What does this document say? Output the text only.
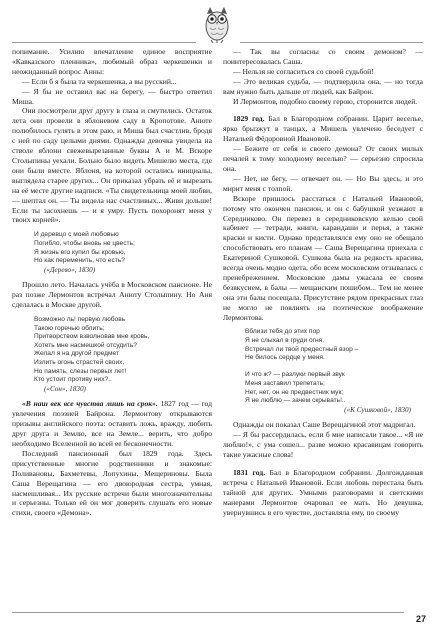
попимание. Усилию впечатление единое восприятие «Кавказского пленника», любимый образ черкешенки и неожиданный вопрос Анны:

— Если б я была та черкешенка, а вы русский...

— Я бы не оставил вас на берегу, — быстро ответил Миша.

Они посмотрели друг другу в глаза и смутились. Остаток лета они провели в яблоневом саду в Кропотове. Анюте полюбилось гулять в этом раю, и Миша был счастлив, бродя с ней по саду целыми днями. Однажды девочка увидела на стволе яблони свежевырезанные буквы А и М. Вскоре Столыпины уехали. Больно было видеть Мишелю места, где они были вместе. Яблоня, на которой остались инициалы, выглядела старее других... Он приказал убрать её и вырезать на её месте другие надписи. «Ты свидетельница моей любви, — шептал он. — Ты видела нас счастливых... Живи дольше! Если ты засохнешь — и я умру. Пусть похоронят меня у твоих корней».

И деревцо с моей любовью
Погибло, чтобы вновь не цвесть;
Я жизнь его купил бы кровью,
Но как переменить, что есть?
(«Дерево», 1830)

Прошло лето. Началась учёба в Московском пансионе. Не раз позже Лермонтов встречал Анюту Столыпину. Но Аня сделалась в Москве другой.

Возможно ль! первую любовь
Такою горечью облить;
Притворством взволновав мне кровь,
Хотеть мне насмешкой отсудить?
Желал я на другой предмет
Излить огонь страстей своих,
Но память, слезы первых лет!
Кто устоит противу них?..
(«Сон», 1830)

«В наш век все чувства лишь на срок». 1827 год — год увлечения поэзией Байрона. Лермонтову открываются призывы английского поэта: оставить ложь, вражду, любить друг друга и Землю, все на Земле... верить, что добро необходимо Вселенной во всей ее бесконечности.

Последний пансионный был 1829 года. Здесь присутственные многие родственники и знакомые: Поливановы, Бахметевы, Лопухины, Мещериновы. Была Саша Верещагина — его двоюродная сестра, умная, насмешливая... Их русские встречи были многозначительны и серьезны. Только ей он мог доверить слушать его новые стихи, своего «Демона».

— Так вы согласны со своим демоном? — поинтересовалась Саша.

— Нельзя не согласиться со своей судьбой!

— Это великая судьба, — подтвердила она, — но тогда вам нужно быть дальше от людей, как Байрон.

И Лермонтов, подобно своему герою, сторонится людей.

1829 год. Бал в Благородном собрании. Царит веселье, ярко брызжут в танцах, а Мишель увлечено беседует с Натальей Фёдоровной Ивановой.

— Бежите от себя и своего демона? От своих милых печалей к тому холодному веселью? — серьезно спросила она.

— Нет, не бегу, — отвечает он. — Но Вы здесь, и это мирит меня с толпой.

Вскоре пришлось расстаться с Натальей Ивановой, потому что окончен пансион, и он с бабушкой уезжают в Середниково. Он перевез в середниковскую келью свой кабинет — тетради, книги, карандаши и перья, а также краски и кисти. Однако представлялся ему оно не обещало способствовать его планам — Саша Верещагина приехала с Екатериной Сушковой. Сушкова была на редкость красива, всегда очень модно одета, обо всем московском отзывалась с пренебрежением. Московские дамы ужасала ее своим безвкусием, в балы — мещанским пошибом... Тем не менее она эти балы посещала. Присутствие рядом прекрасных глаз не могло не повлиять на поэтическое воображение Лермонтова.

Вблизи тебя до этих пор
Я не слыхал в груди огня.
Встречал ли твой предестный взор –
Не билось сердце у меня.

И что ж? — разлуки первый звук
Меня заставил трепетать;
Нет, нет, он не предвестник мук;
Я не люблю — зачем скрывать!..
(«К Сушковой», 1830)

Однажды он показал Саше Верещагиной этот мадригал.

— Я бы рассердилась, если б мне написали такое... «Я не люблю!», с ума сошел... разве можно красавицам говорить такие ужасные слова!

1831 год. Бал в Благородном собрании. Долгожданная встреча с Натальей Ивановой. Если любовь перестала быть тайной для других. Умными разговорами и светскими манерами Лермонтов очаровал ее мать. Но девушка, увернувшись в его чувстве, доставляла ему, по своему

27
